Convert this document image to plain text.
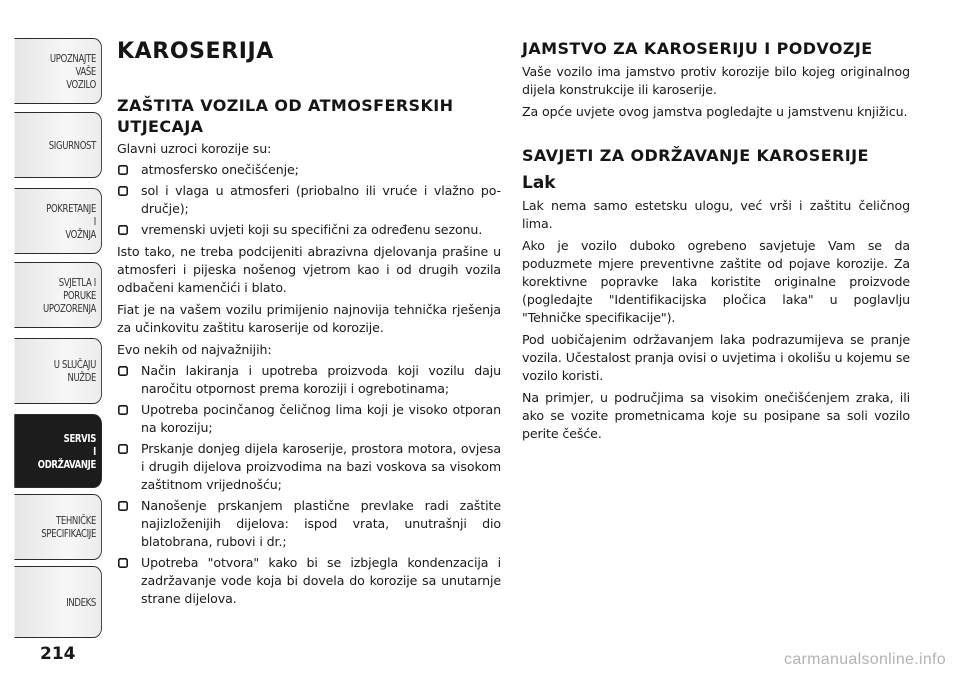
UPOZNAJTE
VAŠE
VOZILO
SIGURNOST
POKRETANJE
I
VOŽNJA
SVJETLA I
PORUKE
UPOZORENJA
U SLUČAJU
NUŽDE
SERVIS
I
ODRŽAVANJE
TEHNIČKE
SPECIFIKACIJE
INDEKS
KAROSERIJA
ZAŠTITA VOZILA OD ATMOSFERSKIH UTJECAJA

Glavni uzroci korozije su:

atmosfersko onečišćenje;
sol i vlaga u atmosferi (priobalno ili vruće i vlažno po-dručje);
vremenski uvjeti koji su specifični za određenu sezonu.

Isto tako, ne treba podcijeniti abrazivna djelovanja prašine u atmosferi i pijeska nošenog vjetrom kao i od drugih vozila odbačeni kamenčići i blato.

Fiat je na vašem vozilu primijenio najnovija tehnička rješenja za učinkovitu zaštitu karoserije od korozije.

Evo nekih od najvažnijih:

Način lakiranja i upotreba proizvoda koji vozilu daju naročitu otpornost prema koroziji i ogrebotinama;
Upotreba pocinčanog čeličnog lima koji je visoko otporan na koroziju;
Prskanje donjeg dijela karoserije, prostora motora, ovjesa i drugih dijelova proizvodima na bazi voskova sa visokom zaštitnom vrijednošću;
Nanošenje prskanjem plastične prevlake radi zaštite najizloženijih dijelova: ispod vrata, unutrašnji dio blatobrana, rubovi i dr.;
Upotreba "otvora" kako bi se izbjegla kondenzacija i zadržavanje vode koja bi dovela do korozije sa unutarnje strane dijelova.
JAMSTVO ZA KAROSERIJU I PODVOZJE

Vaše vozilo ima jamstvo protiv korozije bilo kojeg originalnog dijela konstrukcije ili karoserije.

Za opće uvjete ovog jamstva pogledajte u jamstvenu knjižicu.

SAVJETI ZA ODRŽAVANJE KAROSERIJE
Lak

Lak nema samo estetsku ulogu, već vrši i zaštitu čeličnog lima.

Ako je vozilo duboko ogrebeno savjetuje Vam se da poduzmete mjere preventivne zaštite od pojave korozije. Za korektivne popravke laka koristite originalne proizvode (pogledajte "Identifikacijska pločica laka" u poglavlju "Tehničke specifikacije").

Pod uobičajenim održavanjem laka podrazumijeva se pranje vozila. Učestalost pranja ovisi o uvjetima i okolišu u kojemu se vozilo koristi.

Na primjer, u područjima sa visokim onečišćenjem zraka, ili ako se vozite prometnicama koje su posipane sa soli vozilo perite češće.

214	carmanualsonline.info
